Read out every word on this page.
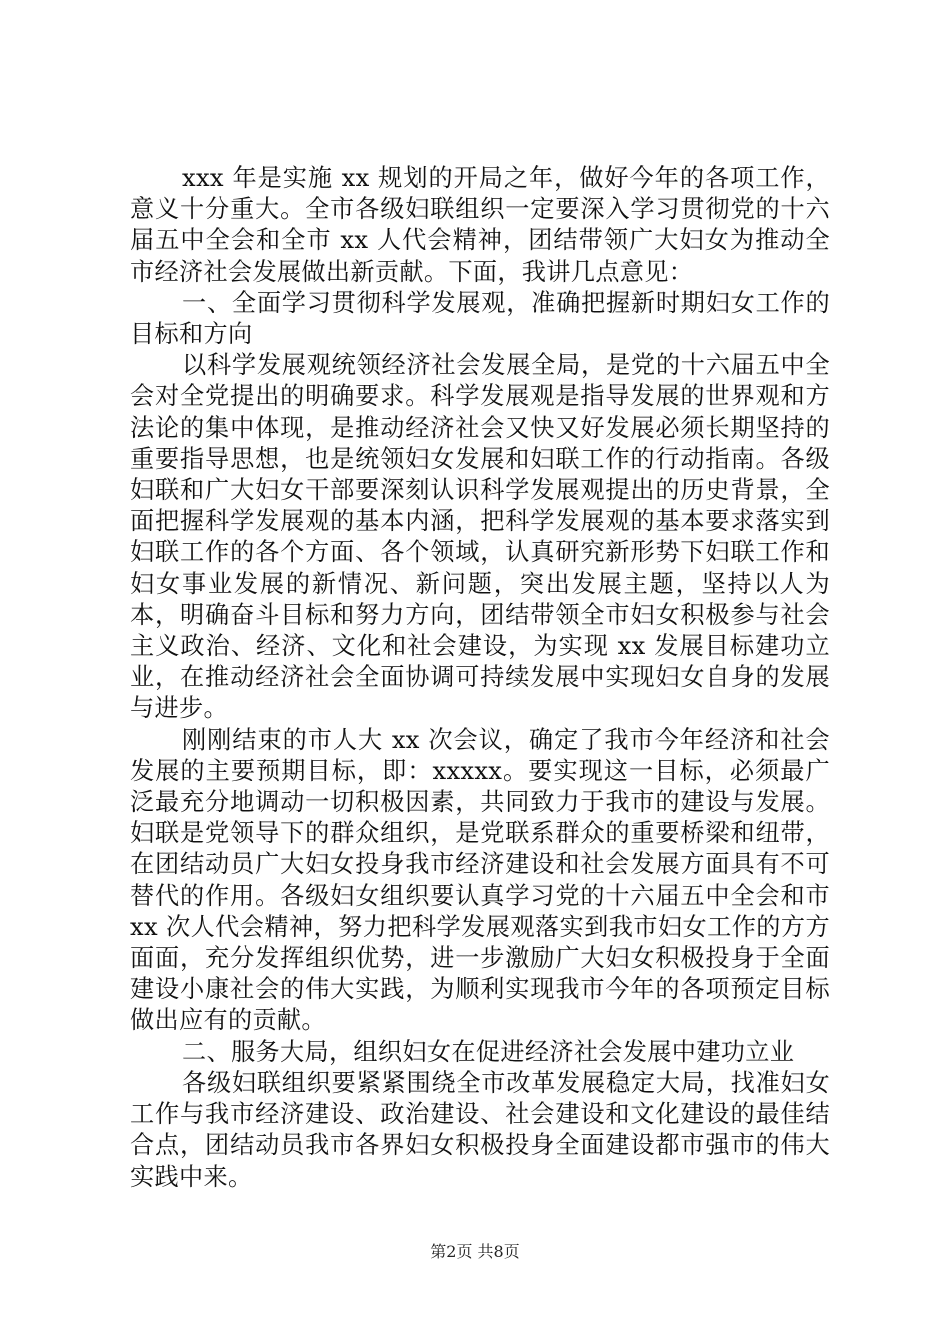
xxx 年是实施 xx 规划的开局之年，做好今年的各项工作，意义十分重大。全市各级妇联组织一定要深入学习贯彻党的十六届五中全会和全市 xx 人代会精神，团结带领广大妇女为推动全市经济社会发展做出新贡献。下面，我讲几点意见：

一、全面学习贯彻科学发展观，准确把握新时期妇女工作的目标和方向

以科学发展观统领经济社会发展全局，是党的十六届五中全会对全党提出的明确要求。科学发展观是指导发展的世界观和方法论的集中体现，是推动经济社会又快又好发展必须长期坚持的重要指导思想，也是统领妇女发展和妇联工作的行动指南。各级妇联和广大妇女干部要深刻认识科学发展观提出的历史背景，全面把握科学发展观的基本内涵，把科学发展观的基本要求落实到妇联工作的各个方面、各个领域，认真研究新形势下妇联工作和妇女事业发展的新情况、新问题，突出发展主题，坚持以人为本，明确奋斗目标和努力方向，团结带领全市妇女积极参与社会主义政治、经济、文化和社会建设，为实现 xx 发展目标建功立业，在推动经济社会全面协调可持续发展中实现妇女自身的发展与进步。

刚刚结束的市人大 xx 次会议，确定了我市今年经济和社会发展的主要预期目标，即：xxxxx。要实现这一目标，必须最广泛最充分地调动一切积极因素，共同致力于我市的建设与发展。妇联是党领导下的群众组织，是党联系群众的重要桥梁和纽带，在团结动员广大妇女投身我市经济建设和社会发展方面具有不可替代的作用。各级妇女组织要认真学习党的十六届五中全会和市 xx 次人代会精神，努力把科学发展观落实到我市妇女工作的方方面面，充分发挥组织优势，进一步激励广大妇女积极投身于全面建设小康社会的伟大实践，为顺利实现我市今年的各项预定目标做出应有的贡献。

二、服务大局，组织妇女在促进经济社会发展中建功立业

各级妇联组织要紧紧围绕全市改革发展稳定大局，找准妇女工作与我市经济建设、政治建设、社会建设和文化建设的最佳结合点，团结动员我市各界妇女积极投身全面建设都市强市的伟大实践中来。

第2页 共8页
